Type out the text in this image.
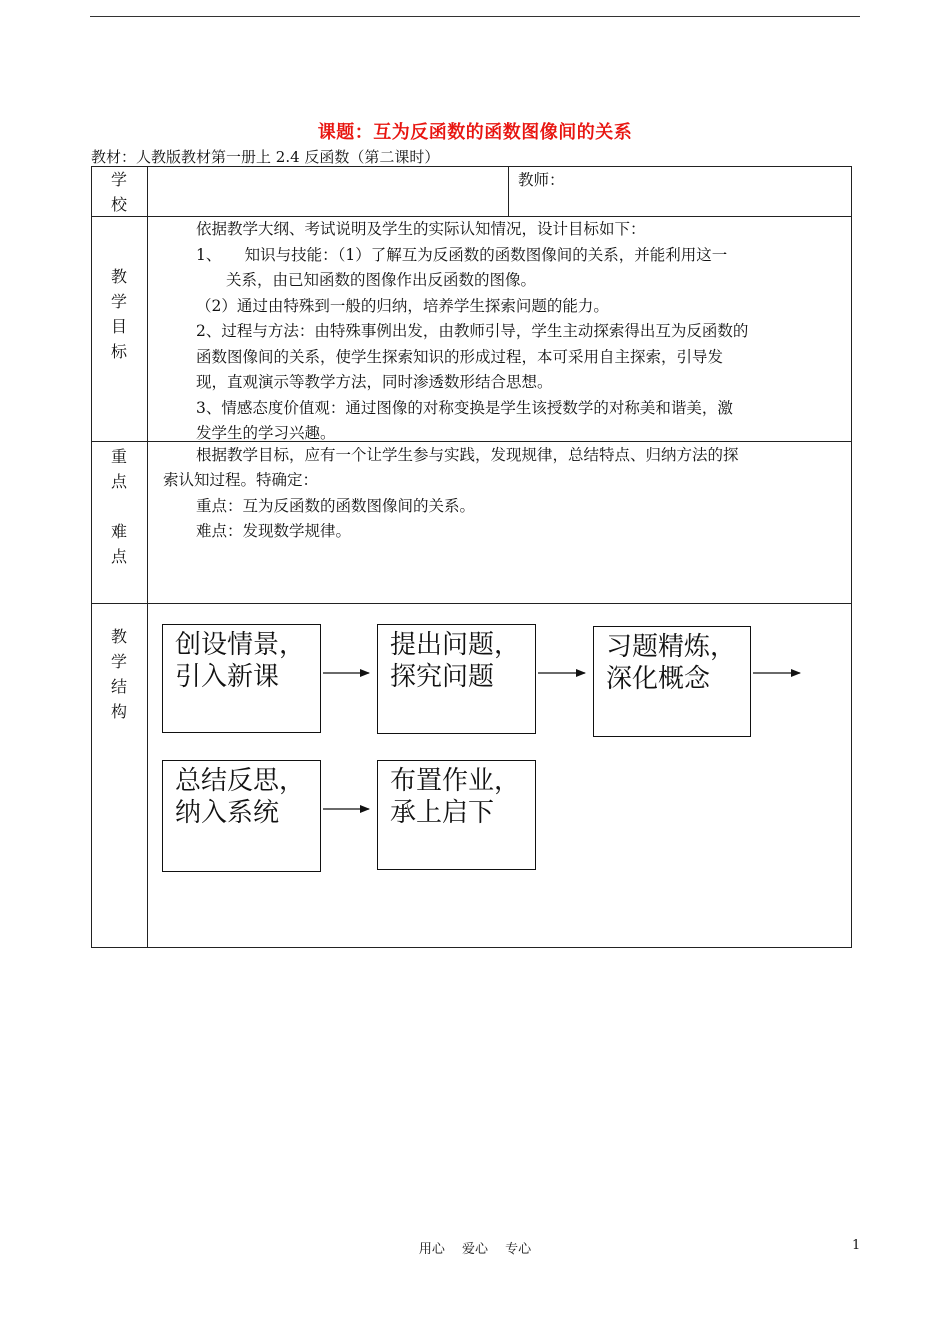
课题：互为反函数的函数图像间的关系
教材：人教版教材第一册上 2.4 反函数（第二课时）
学
校
教师：
教
学
目
标
依据教学大纲、考试说明及学生的实际认知情况，设计目标如下：
1、　　知识与技能：（1）了解互为反函数的函数图像间的关系，并能利用这一
关系，由已知函数的图像作出反函数的图像。
（2）通过由特殊到一般的归纳，培养学生探索问题的能力。
2、过程与方法：由特殊事例出发，由教师引导，学生主动探索得出互为反函数的
函数图像间的关系，使学生探索知识的形成过程，本可采用自主探索，引导发
现，直观演示等教学方法，同时渗透数形结合思想。
3、情感态度价值观：通过图像的对称变换是学生该授数学的对称美和谐美，激
发学生的学习兴趣。
重
点
难
点
根据教学目标，应有一个让学生参与实践，发现规律，总结特点、归纳方法的探
索认知过程。特确定：
重点：互为反函数的函数图像间的关系。
难点：发现数学规律。
教
学
结
构
创设情景，
引入新课
提出问题，
探究问题
习题精炼，
深化概念
总结反思，
纳入系统
布置作业，
承上启下
用心　 爱心　 专心	1
